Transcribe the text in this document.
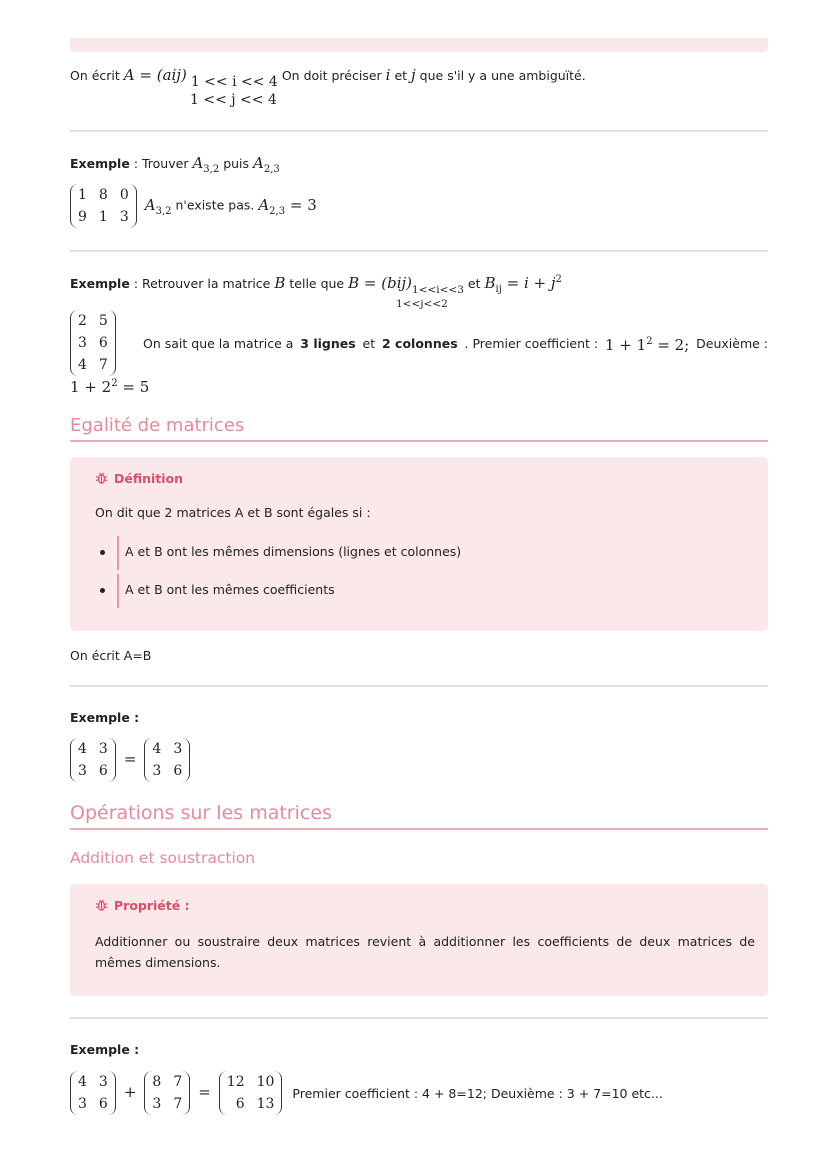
On écrit A = (aij) 1 << i << 4 On doit préciser i et j que s'il y a une ambiguïté.
1 << j << 4
Exemple : Trouver $A_{3,2}$ puis $A_{2,3}$
1	8	0
9	1	3
$A_{3,2}$ n'existe pas. $A_{2,3} = 3$
Exemple : Retrouver la matrice B telle que $B = (bij)_{1<<i<<3}$ et $B_{ij} = i + j^2$
1<<j<<2
2	5
3	6
4	7
On sait que la matrice a 3 lignes et 2 colonnes . Premier coefficient : $1 + 1^2 = 2$; Deuxième :
$1 + 2^2 = 5$
Egalité de matrices
Définition
On dit que 2 matrices A et B sont égales si :
A et B ont les mêmes dimensions (lignes et colonnes)
A et B ont les mêmes coefficients
On écrit A=B
Exemple :
4	3
3	6
=
4	3
3	6
Opérations sur les matrices
Addition et soustraction
Propriété :
Additionner ou soustraire deux matrices revient à additionner les coefficients de deux matrices de mêmes dimensions.
Exemple :
4	3
3	6
+
8	7
3	7
=
12	10
6	13
Premier coefficient : 4 + 8=12; Deuxième : 3 + 7=10 etc...
